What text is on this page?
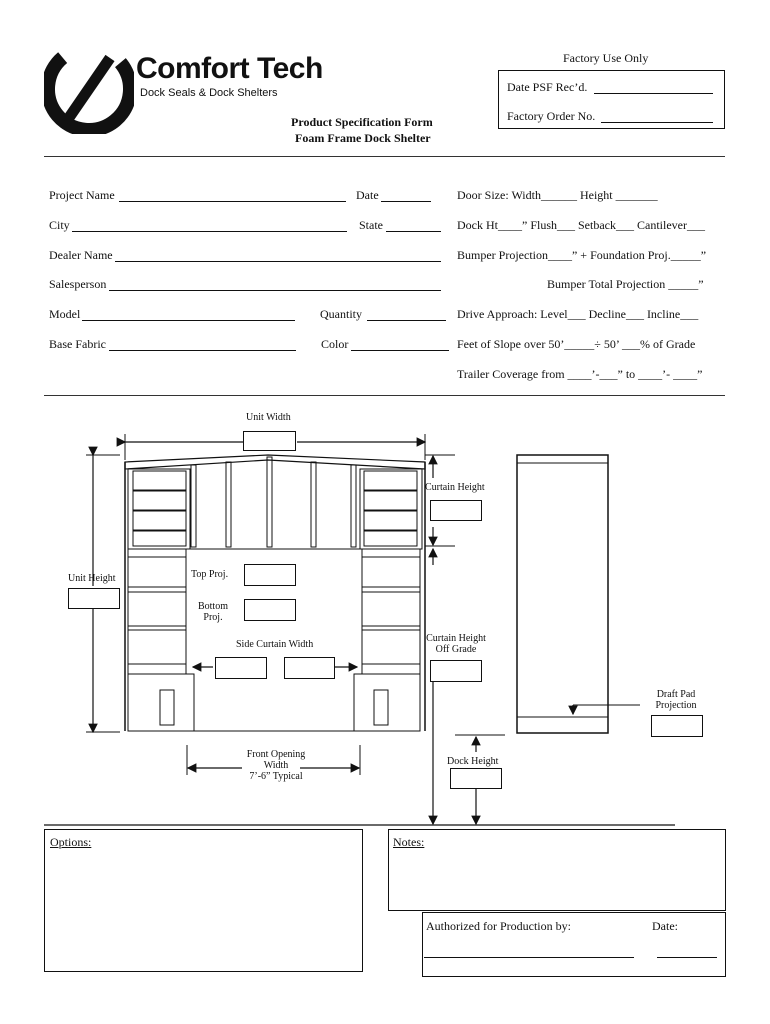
Comfort Tech
Dock Seals & Dock Shelters
Product Specification Form
Foam Frame Dock Shelter
Factory Use Only
Date PSF Rec’d.
Factory Order No.
Project Name	Date
City	State
Dealer Name
Salesperson
Model	Quantity
Base Fabric	Color
Door Size: Width______ Height _______
Dock Ht____” Flush___ Setback___ Cantilever___
Bumper Projection____” + Foundation Proj._____”
Bumper Total Projection _____”
Drive Approach: Level___ Decline___ Incline___
Feet of Slope over 50’_____÷ 50’ ___% of Grade
Trailer Coverage from ____’-___” to ____’- ____”
Unit Width
Curtain Height
Unit Height	Top Proj.
Bottom
Proj.
Side Curtain Width
Curtain Height
Off Grade
Front Opening
Width
7’-6” Typical
Dock Height
Draft Pad
Projection
Options:	Notes:
Authorized for Production by:	Date:
